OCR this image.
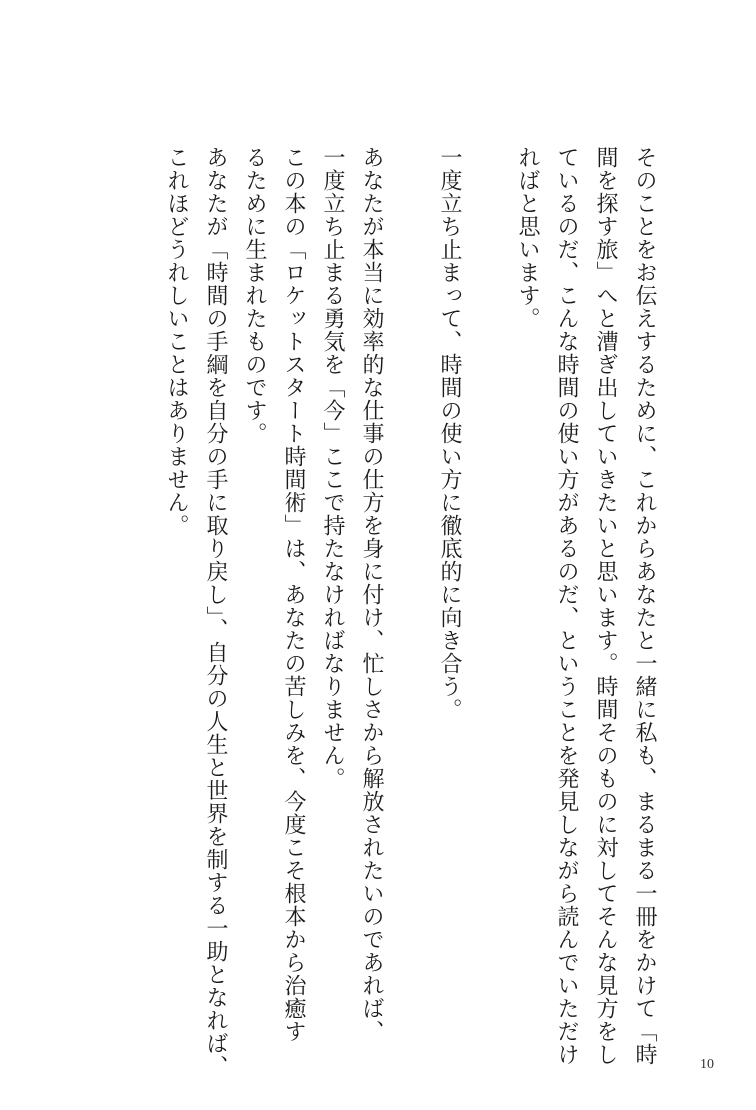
そのことをお伝えするために、これからあなたと一緒に私も、まるまる一冊をかけて「時
間を探す旅」へと漕ぎ出していきたいと思います。時間そのものに対してそんな見方をし
ているのだ、こんな時間の使い方があるのだ、ということを発見しながら読んでいただけ
ればと思います。
一度立ち止まって、時間の使い方に徹底的に向き合う。
あなたが本当に効率的な仕事の仕方を身に付け、忙しさから解放されたいのであれば、
一度立ち止まる勇気を「今」ここで持たなければなりません。
この本の「ロケットスタート時間術」は、あなたの苦しみを、今度こそ根本から治癒す
るために生まれたものです。
あなたが「時間の手綱を自分の手に取り戻し」、自分の人生と世界を制する一助となれば、
これほどうれしいことはありません。
10
